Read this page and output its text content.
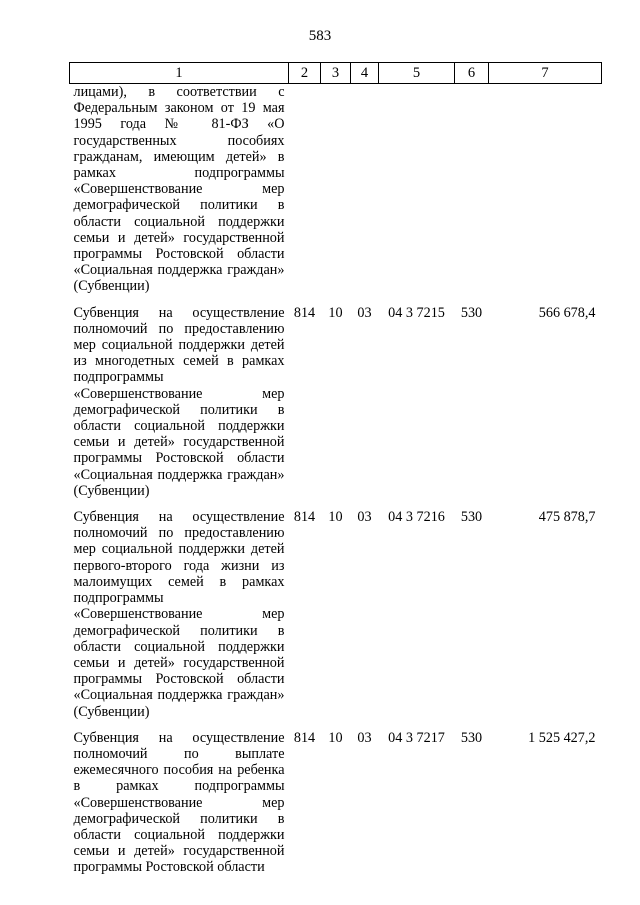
583
1	2	3	4	5	6	7
лицами), в соответствии с Федеральным законом от 19 мая 1995 года № 81-ФЗ «О государственных пособиях гражданам, имеющим детей» в рамках подпрограммы «Совершенствование мер демографической политики в области социальной поддержки семьи и детей» государственной программы Ростовской области «Социальная поддержка граждан» (Субвенции)						
Субвенция на осуществление полномочий по предоставлению мер социальной поддержки детей из многодетных семей в рамках подпрограммы «Совершенствование мер демографической политики в области социальной поддержки семьи и детей» государственной программы Ростовской области «Социальная поддержка граждан» (Субвенции)	814	10	03	04 3 7215	530	566 678,4
Субвенция на осуществление полномочий по предоставлению мер социальной поддержки детей первого-второго года жизни из малоимущих семей в рамках подпрограммы «Совершенствование мер демографической политики в области социальной поддержки семьи и детей» государственной программы Ростовской области «Социальная поддержка граждан» (Субвенции)	814	10	03	04 3 7216	530	475 878,7
Субвенция на осуществление полномочий по выплате ежемесячного пособия на ребенка в рамках подпрограммы «Совершенствование мер демографической политики в области социальной поддержки семьи и детей» государственной программы Ростовской области	814	10	03	04 3 7217	530	1 525 427,2
